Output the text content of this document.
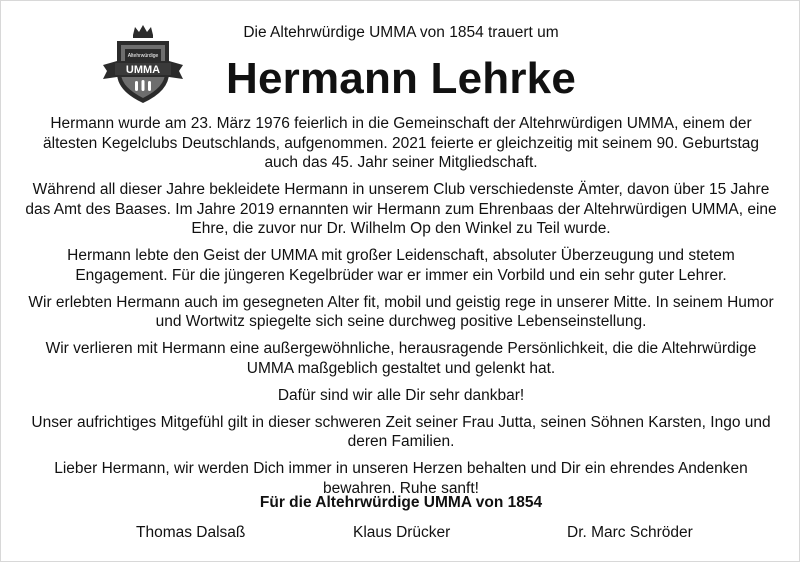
Altehrwürdige
UMMA
Die Altehrwürdige UMMA von 1854 trauert um
Hermann Lehrke

Hermann wurde am 23. März 1976 feierlich in die Gemeinschaft der Altehrwürdigen UMMA, einem der ältesten Kegelclubs Deutschlands, aufgenommen. 2021 feierte er gleichzeitig mit seinem 90. Geburtstag auch das 45. Jahr seiner Mitgliedschaft.

Während all dieser Jahre bekleidete Hermann in unserem Club verschiedenste Ämter, davon über 15 Jahre das Amt des Baases. Im Jahre 2019 ernannten wir Hermann zum Ehrenbaas der Altehrwürdigen UMMA, eine Ehre, die zuvor nur Dr. Wilhelm Op den Winkel zu Teil wurde.

Hermann lebte den Geist der UMMA mit großer Leidenschaft, absoluter Überzeugung und stetem Engagement. Für die jüngeren Kegelbrüder war er immer ein Vorbild und ein sehr guter Lehrer.

Wir erlebten Hermann auch im gesegneten Alter fit, mobil und geistig rege in unserer Mitte. In seinem Humor und Wortwitz spiegelte sich seine durchweg positive Lebenseinstellung.

Wir verlieren mit Hermann eine außergewöhnliche, herausragende Persönlichkeit, die die Altehrwürdige UMMA maßgeblich gestaltet und gelenkt hat.

Dafür sind wir alle Dir sehr dankbar!

Unser aufrichtiges Mitgefühl gilt in dieser schweren Zeit seiner Frau Jutta, seinen Söhnen Karsten, Ingo und deren Familien.

Lieber Hermann, wir werden Dich immer in unseren Herzen behalten und Dir ein ehrendes Andenken bewahren. Ruhe sanft!

Für die Altehrwürdige UMMA von 1854
Thomas Dalsaß	Klaus Drücker	Dr. Marc Schröder
